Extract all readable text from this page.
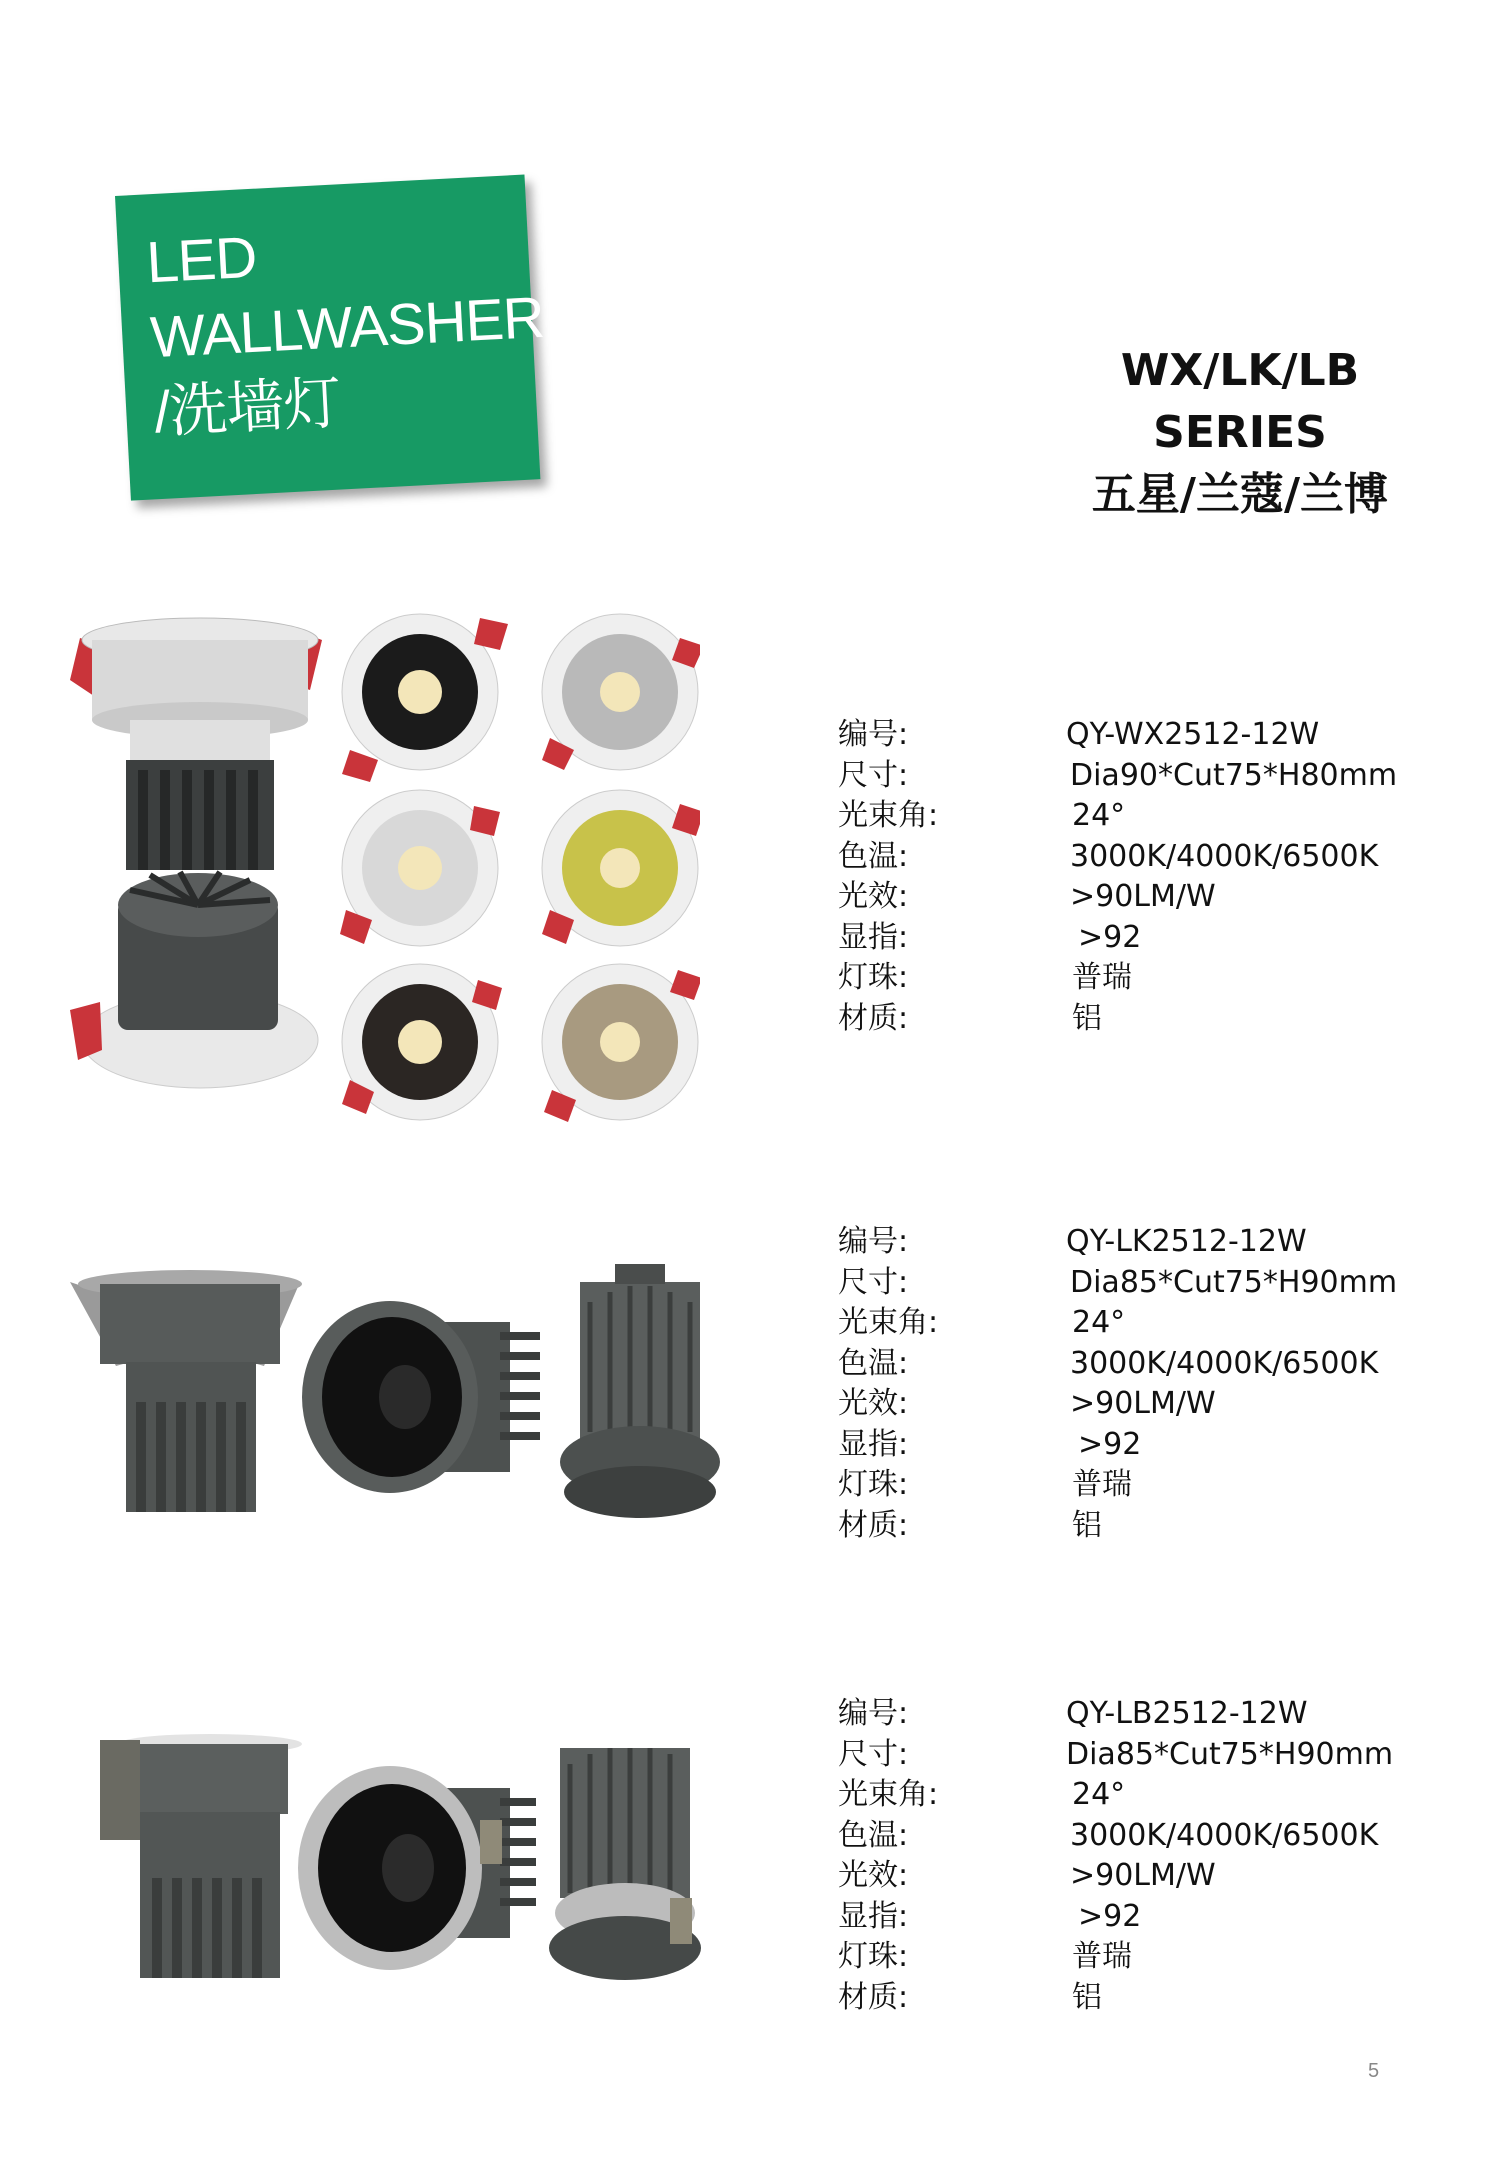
LED
WALLWASHER
/洗墙灯
WX/LK/LB SERIES
五星/兰蔻/兰博
编号:	QY-WX2512-12W
尺寸:	Dia90*Cut75*H80mm
光束角:	24°
色温:	3000K/4000K/6500K
光效:	>90LM/W
显指:	>92
灯珠:	普瑞
材质:	铝
编号:	QY-LK2512-12W
尺寸:	Dia85*Cut75*H90mm
光束角:	24°
色温:	3000K/4000K/6500K
光效:	>90LM/W
显指:	>92
灯珠:	普瑞
材质:	铝
编号:	QY-LB2512-12W
尺寸:	Dia85*Cut75*H90mm
光束角:	24°
色温:	3000K/4000K/6500K
光效:	>90LM/W
显指:	>92
灯珠:	普瑞
材质:	铝
5
